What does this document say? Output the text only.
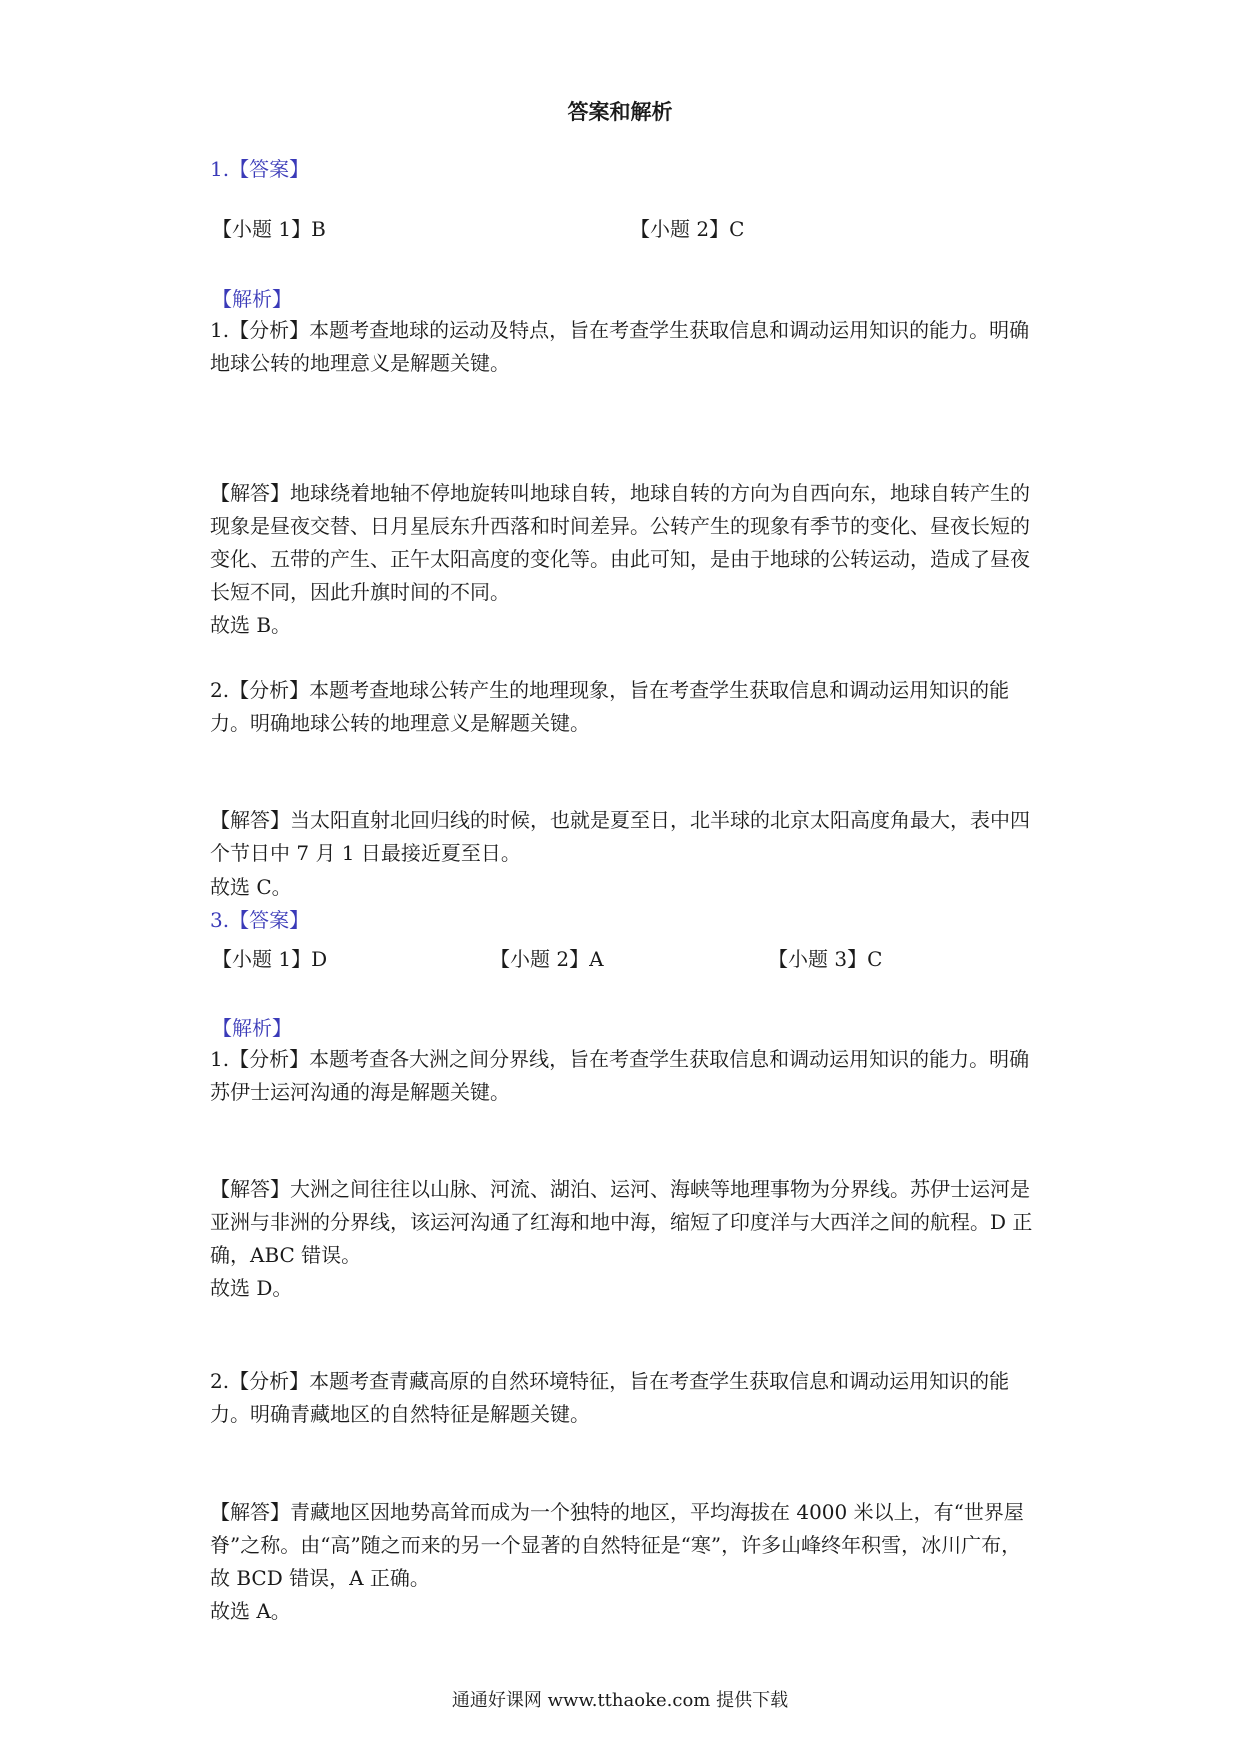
答案和解析
1.【答案】
【小题 1】B	【小题 2】C
【解析】
1.【分析】本题考查地球的运动及特点，旨在考查学生获取信息和调动运用知识的能力。明确地球公转的地理意义是解题关键。
【解答】地球绕着地轴不停地旋转叫地球自转，地球自转的方向为自西向东，地球自转产生的现象是昼夜交替、日月星辰东升西落和时间差异。公转产生的现象有季节的变化、昼夜长短的变化、五带的产生、正午太阳高度的变化等。由此可知，是由于地球的公转运动，造成了昼夜长短不同，因此升旗时间的不同。
故选 B。
2.【分析】本题考查地球公转产生的地理现象，旨在考查学生获取信息和调动运用知识的能力。明确地球公转的地理意义是解题关键。
【解答】当太阳直射北回归线的时候，也就是夏至日，北半球的北京太阳高度角最大，表中四个节日中 7 月 1 日最接近夏至日。
故选 C。
3.【答案】
【小题 1】D	【小题 2】A	【小题 3】C
【解析】
1.【分析】本题考查各大洲之间分界线，旨在考查学生获取信息和调动运用知识的能力。明确苏伊士运河沟通的海是解题关键。
【解答】大洲之间往往以山脉、河流、湖泊、运河、海峡等地理事物为分界线。苏伊士运河是亚洲与非洲的分界线，该运河沟通了红海和地中海，缩短了印度洋与大西洋之间的航程。D 正确，ABC 错误。
故选 D。
2.【分析】本题考查青藏高原的自然环境特征，旨在考查学生获取信息和调动运用知识的能力。明确青藏地区的自然特征是解题关键。
【解答】青藏地区因地势高耸而成为一个独特的地区，平均海拔在 4000 米以上，有“世界屋脊”之称。由“高”随之而来的另一个显著的自然特征是“寒”，许多山峰终年积雪，冰川广布，故 BCD 错误，A 正确。
故选 A。
通通好课网 www.tthaoke.com 提供下载
